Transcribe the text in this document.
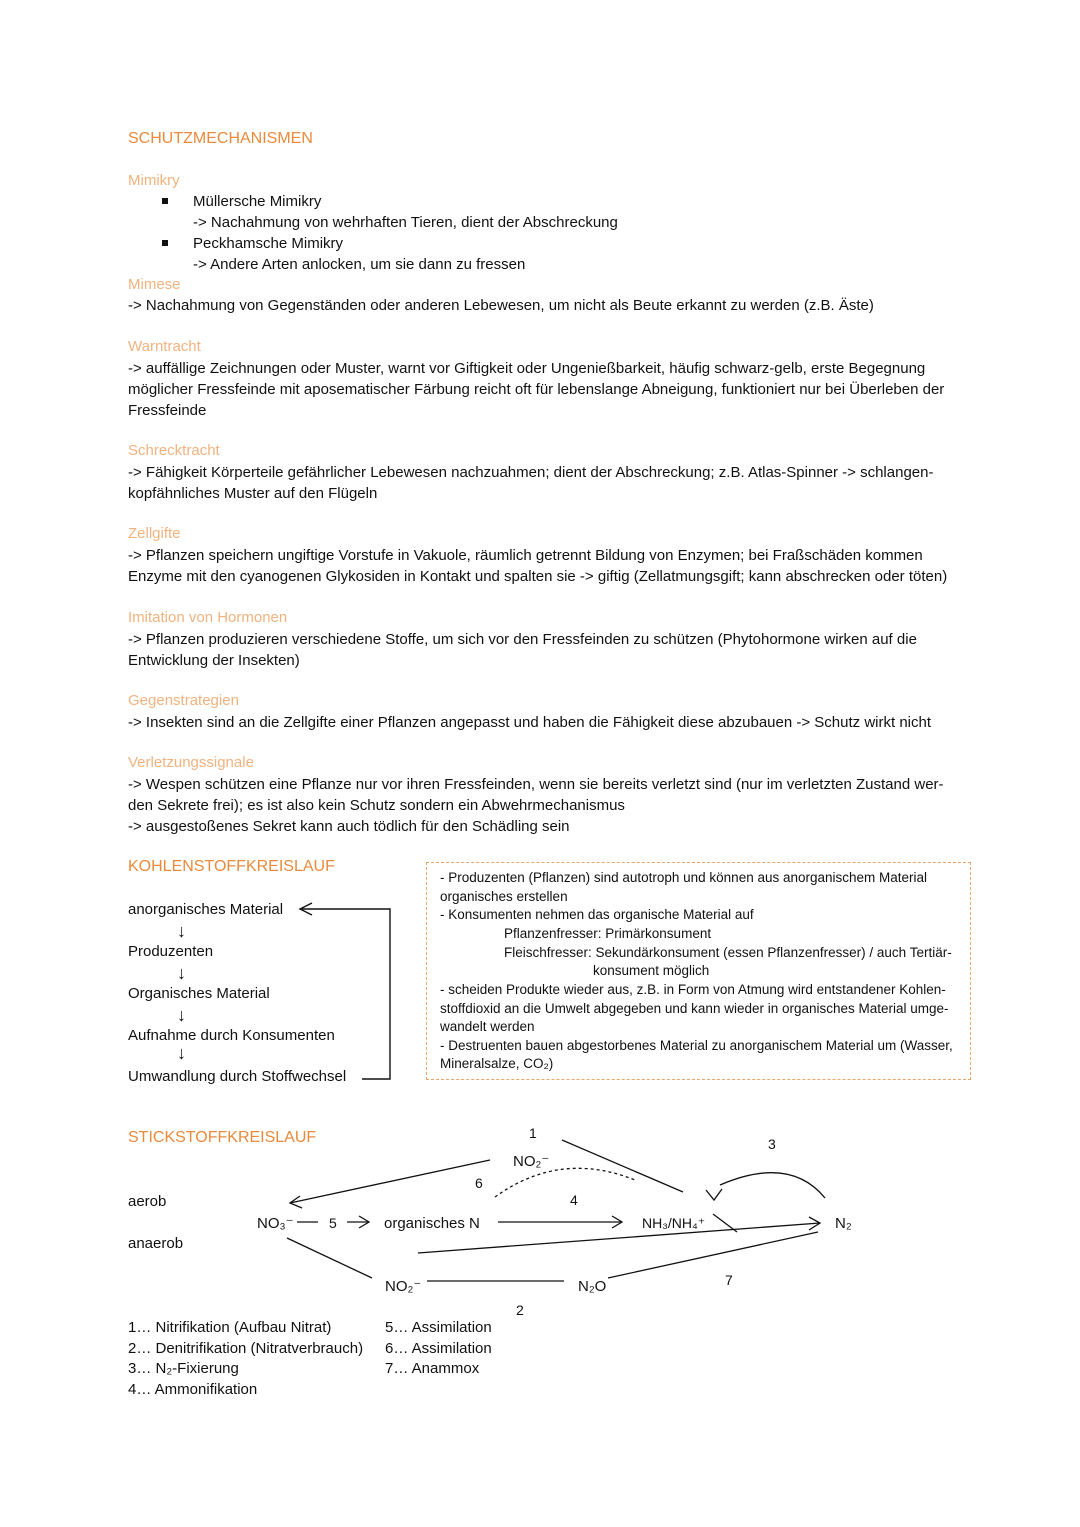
SCHUTZMECHANISMEN
Mimikry
Müllersche Mimikry
-> Nachahmung von wehrhaften Tieren, dient der Abschreckung
Peckhamsche Mimikry
-> Andere Arten anlocken, um sie dann zu fressen
Mimese
-> Nachahmung von Gegenständen oder anderen Lebewesen, um nicht als Beute erkannt zu werden (z.B. Äste)
Warntracht
-> auffällige Zeichnungen oder Muster, warnt vor Giftigkeit oder Ungenießbarkeit, häufig schwarz-gelb, erste Begegnung
möglicher Fressfeinde mit aposematischer Färbung reicht oft für lebenslange Abneigung, funktioniert nur bei Überleben der
Fressfeinde
Schrecktracht
-> Fähigkeit Körperteile gefährlicher Lebewesen nachzuahmen; dient der Abschreckung; z.B. Atlas-Spinner -> schlangen-
kopfähnliches Muster auf den Flügeln
Zellgifte
-> Pflanzen speichern ungiftige Vorstufe in Vakuole, räumlich getrennt Bildung von Enzymen; bei Fraßschäden kommen
Enzyme mit den cyanogenen Glykosiden in Kontakt und spalten sie -> giftig (Zellatmungsgift; kann abschrecken oder töten)
Imitation von Hormonen
-> Pflanzen produzieren verschiedene Stoffe, um sich vor den Fressfeinden zu schützen (Phytohormone wirken auf die
Entwicklung der Insekten)
Gegenstrategien
-> Insekten sind an die Zellgifte einer Pflanzen angepasst und haben die Fähigkeit diese abzubauen -> Schutz wirkt nicht
Verletzungssignale
-> Wespen schützen eine Pflanze nur vor ihren Fressfeinden, wenn sie bereits verletzt sind (nur im verletzten Zustand wer-
den Sekrete frei); es ist also kein Schutz sondern ein Abwehrmechanismus
-> ausgestoßenes Sekret kann auch tödlich für den Schädling sein
KOHLENSTOFFKREISLAUF
anorganisches Material
↓
Produzenten
↓
Organisches Material
↓
Aufnahme durch Konsumenten
↓
Umwandlung durch Stoffwechsel
- Produzenten (Pflanzen) sind autotroph und können aus anorganischem Material
organisches erstellen
- Konsumenten nehmen das organische Material auf
Pflanzenfresser: Primärkonsument
Fleischfresser: Sekundärkonsument (essen Pflanzenfresser) / auch Tertiär-
konsument möglich
- scheiden Produkte wieder aus, z.B. in Form von Atmung wird entstandener Kohlen-
stoffdioxid an die Umwelt abgegeben und kann wieder in organisches Material umge-
wandelt werden
- Destruenten bauen abgestorbenes Material zu anorganischem Material um (Wasser,
Mineralsalze, CO₂)
STICKSTOFFKREISLAUF
aerob
anaerob
NO₃⁻	organisches N
NO₂⁻
NH₃/NH₄⁺	N₂
NO₂⁻	N₂O
1
2
3
4
5
6
7
1… Nitrifikation (Aufbau Nitrat)
2… Denitrifikation (Nitratverbrauch)
3… N₂-Fixierung
4… Ammonifikation
5… Assimilation
6… Assimilation
7… Anammox
